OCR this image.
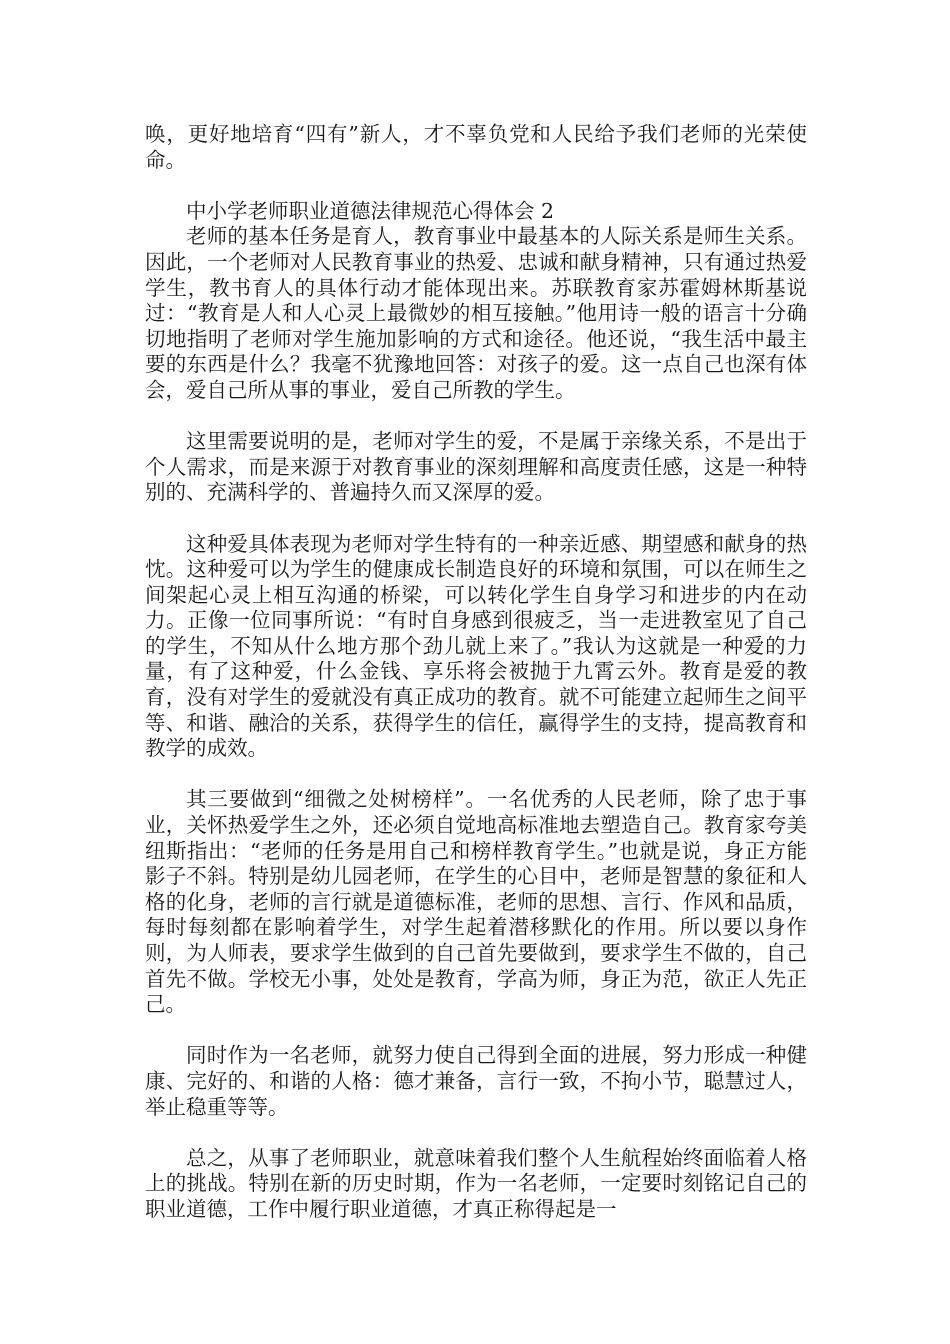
唤，更好地培育“四有”新人，才不辜负党和人民给予我们老师的光荣使命。

中小学老师职业道德法律规范心得体会 2
老师的基本任务是育人，教育事业中最基本的人际关系是师生关系。因此，一个老师对人民教育事业的热爱、忠诚和献身精神，只有通过热爱学生，教书育人的具体行动才能体现出来。苏联教育家苏霍姆林斯基说过：“教育是人和人心灵上最微妙的相互接触。”他用诗一般的语言十分确切地指明了老师对学生施加影响的方式和途径。他还说，“我生活中最主要的东西是什么？我毫不犹豫地回答：对孩子的爱。这一点自己也深有体会，爱自己所从事的事业，爱自己所教的学生。

这里需要说明的是，老师对学生的爱，不是属于亲缘关系，不是出于个人需求，而是来源于对教育事业的深刻理解和高度责任感，这是一种特别的、充满科学的、普遍持久而又深厚的爱。

这种爱具体表现为老师对学生特有的一种亲近感、期望感和献身的热忱。这种爱可以为学生的健康成长制造良好的环境和氛围，可以在师生之间架起心灵上相互沟通的桥梁，可以转化学生自身学习和进步的内在动力。正像一位同事所说：“有时自身感到很疲乏，当一走进教室见了自己的学生，不知从什么地方那个劲儿就上来了。”我认为这就是一种爱的力量，有了这种爱，什么金钱、享乐将会被抛于九霄云外。教育是爱的教育，没有对学生的爱就没有真正成功的教育。就不可能建立起师生之间平等、和谐、融洽的关系，获得学生的信任，赢得学生的支持，提高教育和教学的成效。

其三要做到“细微之处树榜样”。一名优秀的人民老师，除了忠于事业，关怀热爱学生之外，还必须自觉地高标准地去塑造自己。教育家夸美纽斯指出：“老师的任务是用自己和榜样教育学生。”也就是说，身正方能影子不斜。特别是幼儿园老师，在学生的心目中，老师是智慧的象征和人格的化身，老师的言行就是道德标准，老师的思想、言行、作风和品质，每时每刻都在影响着学生，对学生起着潜移默化的作用。所以要以身作则，为人师表，要求学生做到的自己首先要做到，要求学生不做的，自己首先不做。学校无小事，处处是教育，学高为师，身正为范，欲正人先正己。

同时作为一名老师，就努力使自己得到全面的进展，努力形成一种健康、完好的、和谐的人格：德才兼备，言行一致，不拘小节，聪慧过人，举止稳重等等。

总之，从事了老师职业，就意味着我们整个人生航程始终面临着人格上的挑战。特别在新的历史时期，作为一名老师，一定要时刻铭记自己的职业道德，工作中履行职业道德，才真正称得起是一
